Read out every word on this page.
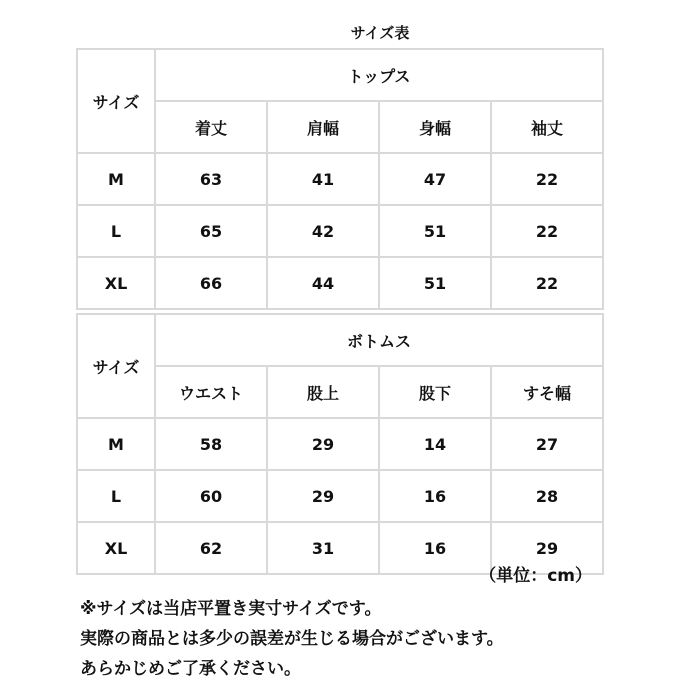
サイズ表
サイズ	トップス			
	着丈	肩幅	身幅	袖丈
M	63	41	47	22
L	65	42	51	22
XL	66	44	51	22
サイズ	ボトムス			
	ウエスト	股上	股下	すそ幅
M	58	29	14	27
L	60	29	16	28
XL	62	31	16	29
（単位：cm）
※サイズは当店平置き実寸サイズです。
実際の商品とは多少の誤差が生じる場合がございます。
あらかじめご了承ください。
